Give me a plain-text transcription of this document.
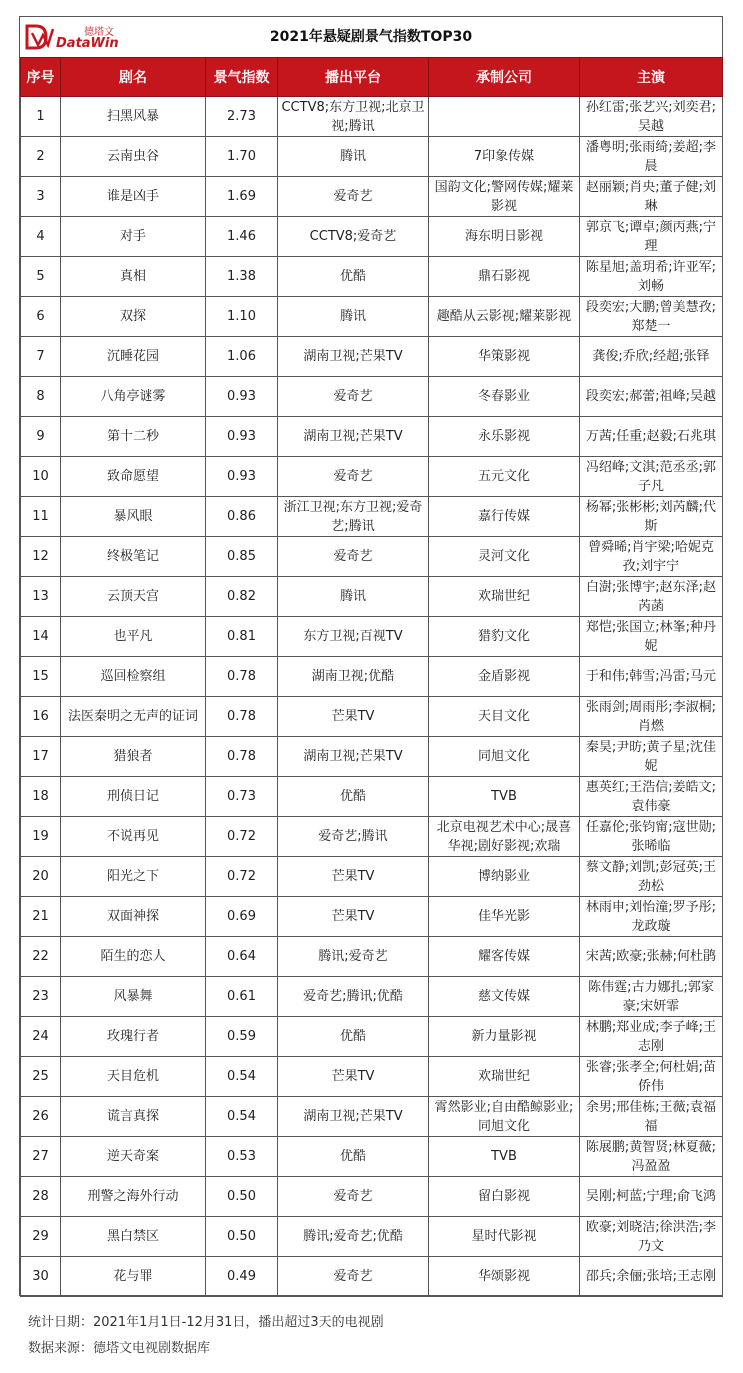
德塔文
DataWin	2021年悬疑剧景气指数TOP30
序号	剧名	景气指数	播出平台	承制公司	主演

1	扫黑风暴	2.73	CCTV8;东方卫视;北京卫视;腾讯		孙红雷;张艺兴;刘奕君;吴越

2	云南虫谷	1.70	腾讯	7印象传媒	潘粤明;张雨绮;姜超;李晨

3	谁是凶手	1.69	爱奇艺	国韵文化;警网传媒;耀莱影视	赵丽颖;肖央;董子健;刘琳

4	对手	1.46	CCTV8;爱奇艺	海东明日影视	郭京飞;谭卓;颜丙燕;宁理

5	真相	1.38	优酷	鼎石影视	陈星旭;盖玥希;许亚军;刘畅

6	双探	1.10	腾讯	趣酷从云影视;耀莱影视	段奕宏;大鹏;曾美慧孜;郑楚一

7	沉睡花园	1.06	湖南卫视;芒果TV	华策影视	龚俊;乔欣;经超;张铎

8	八角亭谜雾	0.93	爱奇艺	冬春影业	段奕宏;郝蕾;祖峰;吴越

9	第十二秒	0.93	湖南卫视;芒果TV	永乐影视	万茜;任重;赵毅;石兆琪

10	致命愿望	0.93	爱奇艺	五元文化	冯绍峰;文淇;范丞丞;郭子凡

11	暴风眼	0.86	浙江卫视;东方卫视;爱奇艺;腾讯	嘉行传媒	杨幂;张彬彬;刘芮麟;代斯

12	终极笔记	0.85	爱奇艺	灵河文化	曾舜晞;肖宇梁;哈妮克孜;刘宇宁

13	云顶天宫	0.82	腾讯	欢瑞世纪	白澍;张博宇;赵东泽;赵芮菡

14	也平凡	0.81	东方卫视;百视TV	猎豹文化	郑恺;张国立;林峯;种丹妮

15	巡回检察组	0.78	湖南卫视;优酷	金盾影视	于和伟;韩雪;冯雷;马元

16	法医秦明之无声的证词	0.78	芒果TV	天目文化	张雨剑;周雨彤;李淑桐;肖燃

17	猎狼者	0.78	湖南卫视;芒果TV	同旭文化	秦昊;尹昉;黄子星;沈佳妮

18	刑侦日记	0.73	优酷	TVB	惠英红;王浩信;姜皓文;袁伟豪

19	不说再见	0.72	爱奇艺;腾讯	北京电视艺术中心;晟喜华视;剧好影视;欢瑞	任嘉伦;张钧甯;寇世勋;张晞临

20	阳光之下	0.72	芒果TV	博纳影业	蔡文静;刘凯;彭冠英;王劲松

21	双面神探	0.69	芒果TV	佳华光影	林雨申;刘怡潼;罗予彤;龙政璇

22	陌生的恋人	0.64	腾讯;爱奇艺	耀客传媒	宋茜;欧豪;张赫;何杜鹃

23	风暴舞	0.61	爱奇艺;腾讯;优酷	慈文传媒	陈伟霆;古力娜扎;郭家豪;宋妍霏

24	玫瑰行者	0.59	优酷	新力量影视	林鹏;郑业成;李子峰;王志刚

25	天目危机	0.54	芒果TV	欢瑞世纪	张睿;张孝全;何杜娟;苗侨伟

26	谎言真探	0.54	湖南卫视;芒果TV	霄然影业;自由酷鲸影业;同旭文化	余男;邢佳栋;王薇;袁福福

27	逆天奇案	0.53	优酷	TVB	陈展鹏;黄智贤;林夏薇;冯盈盈

28	刑警之海外行动	0.50	爱奇艺	留白影视	吴刚;柯蓝;宁理;俞飞鸿

29	黑白禁区	0.50	腾讯;爱奇艺;优酷	星时代影视	欧豪;刘晓洁;徐洪浩;李乃文

30	花与罪	0.49	爱奇艺	华颂影视	邵兵;余俪;张培;王志刚
统计日期：2021年1月1日-12月31日，播出超过3天的电视剧
数据来源：德塔文电视剧数据库
